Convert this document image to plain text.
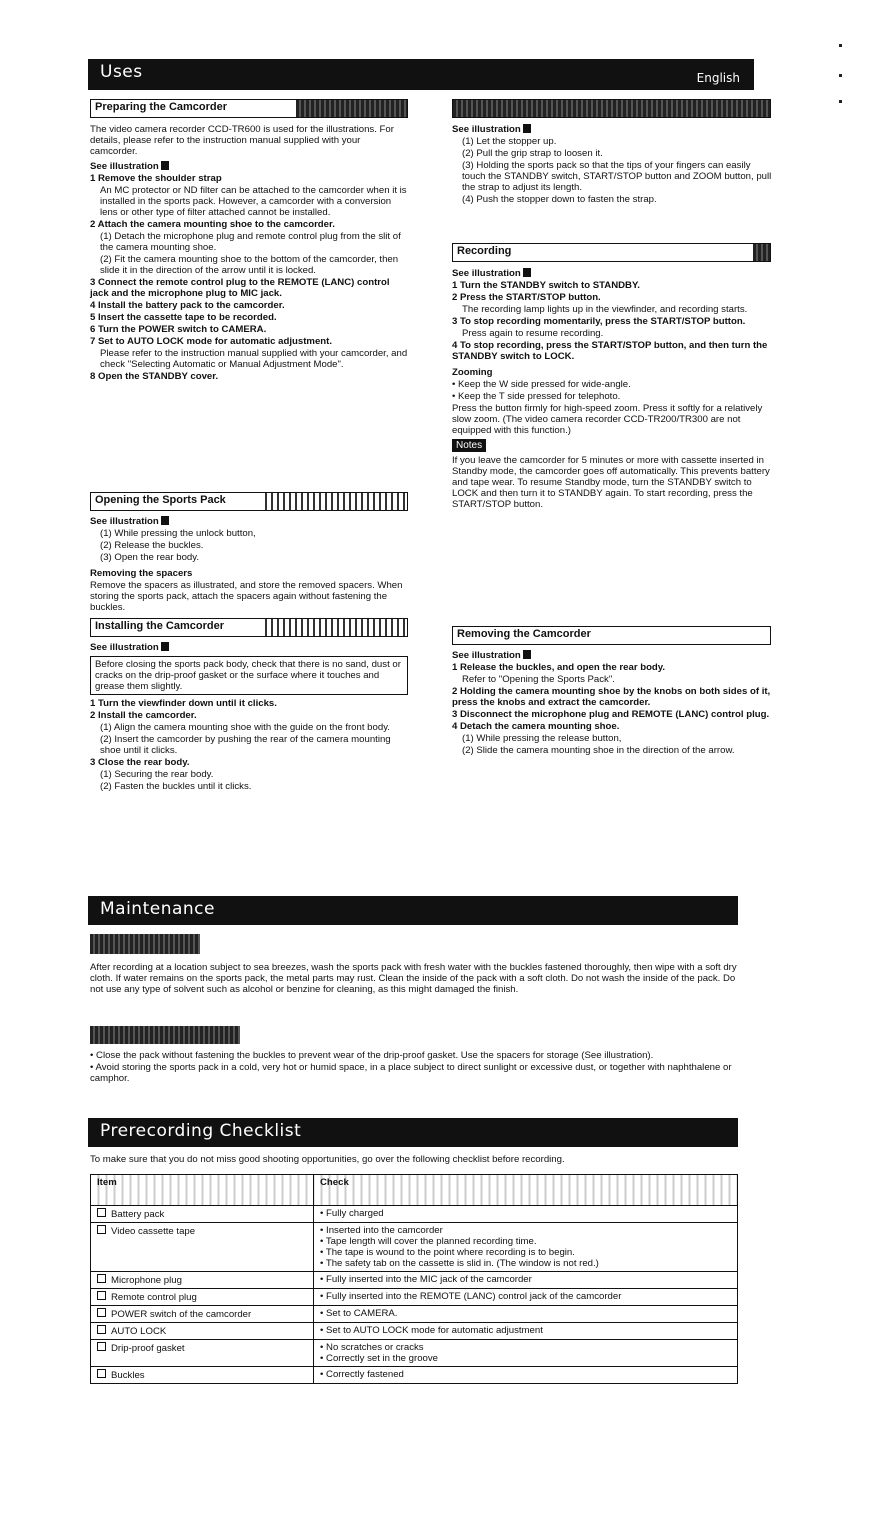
Uses	English
Preparing the Camcorder

The video camera recorder CCD-TR600 is used for the illustrations. For details, please refer to the instruction manual supplied with your camcorder.

See illustration

1 Remove the shoulder strap

An MC protector or ND filter can be attached to the camcorder when it is installed in the sports pack. However, a camcorder with a conversion lens or other type of filter attached cannot be installed.

2 Attach the camera mounting shoe to the camcorder.

(1) Detach the microphone plug and remote control plug from the slit of the camera mounting shoe.

(2) Fit the camera mounting shoe to the bottom of the camcorder, then slide it in the direction of the arrow until it is locked.

3 Connect the remote control plug to the REMOTE (LANC) control jack and the microphone plug to MIC jack.

4 Install the battery pack to the camcorder.

5 Insert the cassette tape to be recorded.

6 Turn the POWER switch to CAMERA.

7 Set to AUTO LOCK mode for automatic adjustment.

Please refer to the instruction manual supplied with your camcorder, and check "Selecting Automatic or Manual Adjustment Mode".

8 Open the STANDBY cover.

Opening the Sports Pack

See illustration

(1) While pressing the unlock button,

(2) Release the buckles.

(3) Open the rear body.

Removing the spacers

Remove the spacers as illustrated, and store the removed spacers. When storing the sports pack, attach the spacers again without fastening the buckles.

Installing the Camcorder

See illustration

Before closing the sports pack body, check that there is no sand, dust or cracks on the drip-proof gasket or the surface where it touches and grease them slightly.

1 Turn the viewfinder down until it clicks.

2 Install the camcorder.

(1) Align the camera mounting shoe with the guide on the front body.

(2) Insert the camcorder by pushing the rear of the camera mounting shoe until it clicks.

3 Close the rear body.

(1) Securing the rear body.

(2) Fasten the buckles until it clicks.

See illustration

(1) Let the stopper up.

(2) Pull the grip strap to loosen it.

(3) Holding the sports pack so that the tips of your fingers can easily touch the STANDBY switch, START/STOP button and ZOOM button, pull the strap to adjust its length.

(4) Push the stopper down to fasten the strap.

Recording

See illustration

1 Turn the STANDBY switch to STANDBY.

2 Press the START/STOP button.

The recording lamp lights up in the viewfinder, and recording starts.

3 To stop recording momentarily, press the START/STOP button.

Press again to resume recording.

4 To stop recording, press the START/STOP button, and then turn the STANDBY switch to LOCK.

Zooming

• Keep the W side pressed for wide-angle.

• Keep the T side pressed for telephoto.

Press the button firmly for high-speed zoom. Press it softly for a relatively slow zoom. (The video camera recorder CCD-TR200/TR300 are not equipped with this function.)

Notes

If you leave the camcorder for 5 minutes or more with cassette inserted in Standby mode, the camcorder goes off automatically. This prevents battery and tape wear. To resume Standby mode, turn the STANDBY switch to LOCK and then turn it to STANDBY again. To start recording, press the START/STOP button.

Removing the Camcorder

See illustration

1 Release the buckles, and open the rear body.

Refer to "Opening the Sports Pack".

2 Holding the camera mounting shoe by the knobs on both sides of it, press the knobs and extract the camcorder.

3 Disconnect the microphone plug and REMOTE (LANC) control plug.

4 Detach the camera mounting shoe.

(1) While pressing the release button,

(2) Slide the camera mounting shoe in the direction of the arrow.

Maintenance
After recording at a location subject to sea breezes, wash the sports pack with fresh water with the buckles fastened thoroughly, then wipe with a soft dry cloth. If water remains on the sports pack, the metal parts may rust. Clean the inside of the pack with a soft cloth. Do not wash the inside of the pack. Do not use any type of solvent such as alcohol or benzine for cleaning, as this might damaged the finish.

• Close the pack without fastening the buckles to prevent wear of the drip-proof gasket. Use the spacers for storage (See illustration).

• Avoid storing the sports pack in a cold, very hot or humid space, in a place subject to direct sunlight or excessive dust, or together with naphthalene or camphor.

Prerecording Checklist
To make sure that you do not miss good shooting opportunities, go over the following checklist before recording.
Item	Check
Battery pack	• Fully charged
Video cassette tape	• Inserted into the camcorder
• Tape length will cover the planned recording time.
• The tape is wound to the point where recording is to begin.
• The safety tab on the cassette is slid in. (The window is not red.)
Microphone plug	• Fully inserted into the MIC jack of the camcorder
Remote control plug	• Fully inserted into the REMOTE (LANC) control jack of the camcorder
POWER switch of the camcorder	• Set to CAMERA.
AUTO LOCK	• Set to AUTO LOCK mode for automatic adjustment
Drip-proof gasket	• No scratches or cracks
• Correctly set in the groove
Buckles	• Correctly fastened
